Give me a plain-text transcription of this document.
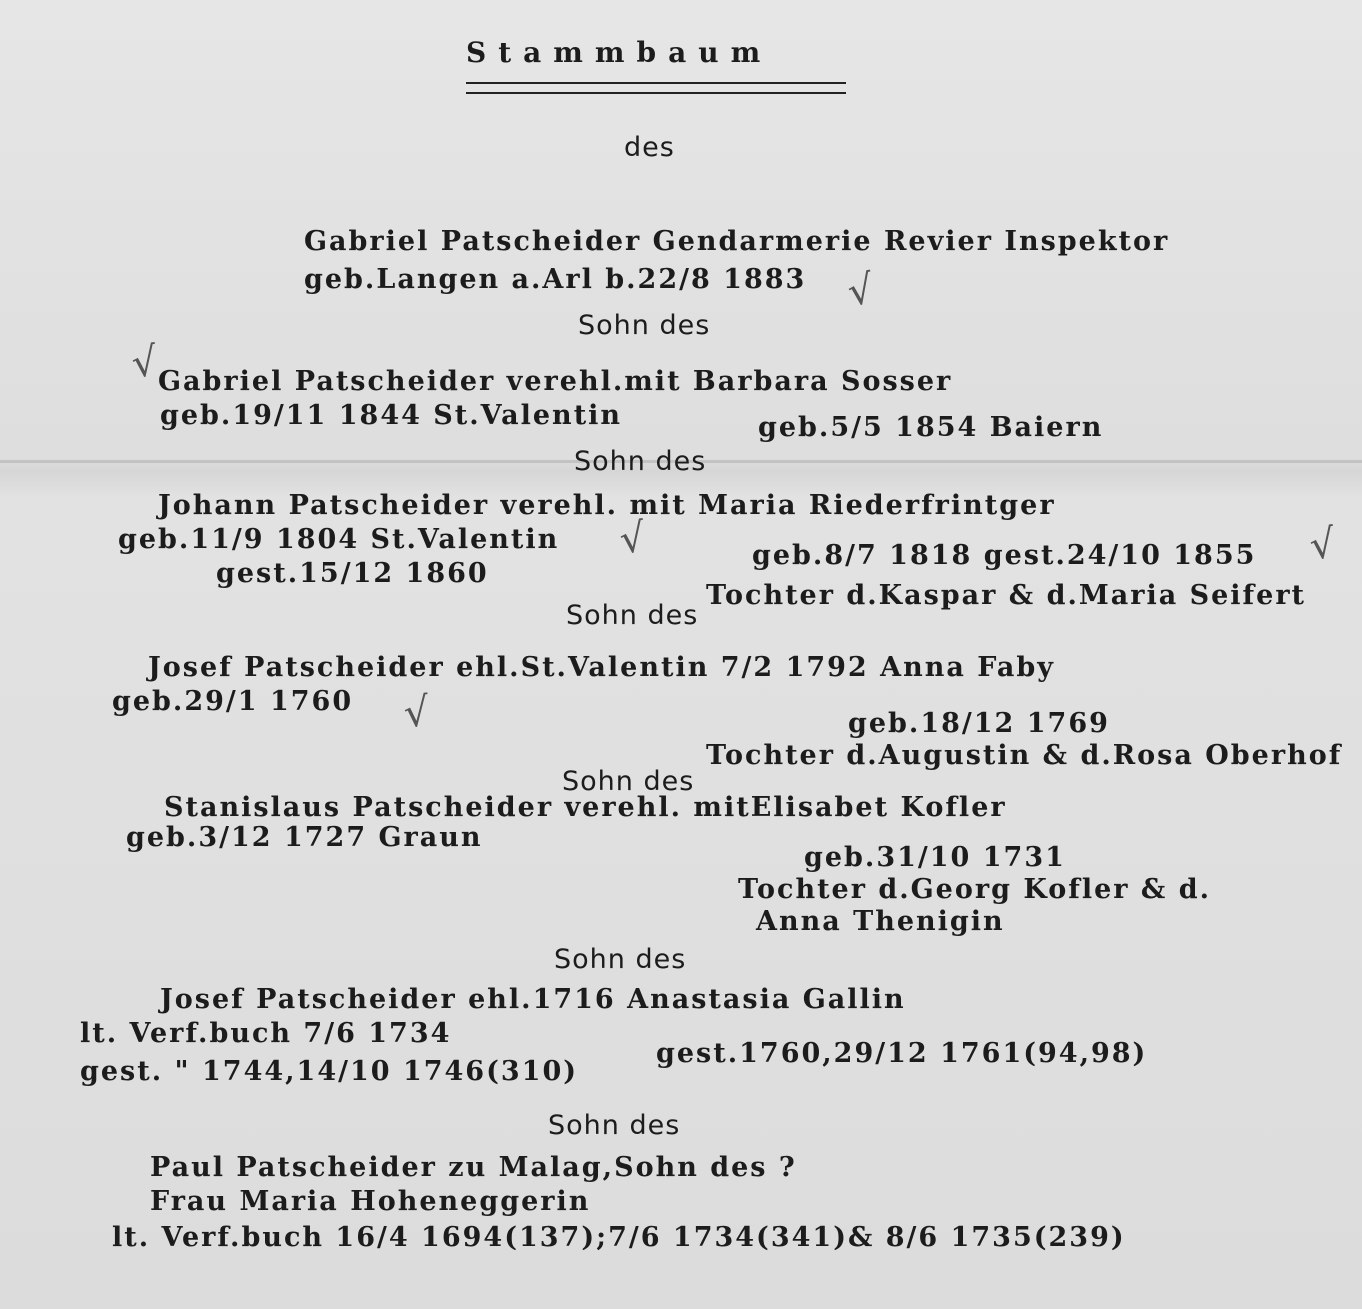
Stammbaum
des
Gabriel Patscheider Gendarmerie Revier Inspektor
geb.Langen a.Arl b.22/8 1883
Sohn des
Gabriel Patscheider verehl.mit Barbara Sosser
geb.19/11 1844 St.Valentin	geb.5/5 1854 Baiern
Sohn des
Johann Patscheider verehl. mit Maria Riederfrintger
geb.11/9 1804 St.Valentin
geb.8/7 1818 gest.24/10 1855
gest.15/12 1860
Tochter d.Kaspar & d.Maria Seifert
Sohn des
Josef Patscheider ehl.St.Valentin 7/2 1792 Anna Faby
geb.29/1 1760
geb.18/12 1769
Tochter d.Augustin & d.Rosa Oberhof
Sohn des
Stanislaus Patscheider verehl. mitElisabet Kofler
geb.3/12 1727 Graun
geb.31/10 1731
Tochter d.Georg Kofler & d.
Anna Thenigin
Sohn des
Josef Patscheider ehl.1716 Anastasia Gallin
lt. Verf.buch 7/6 1734
gest.1760,29/12 1761(94,98)
gest. " 1744,14/10 1746(310)
Sohn des
Paul Patscheider zu Malag,Sohn des ?
Frau Maria Hoheneggerin
lt. Verf.buch 16/4 1694(137);7/6 1734(341)& 8/6 1735(239)
√
√
√	√
√
